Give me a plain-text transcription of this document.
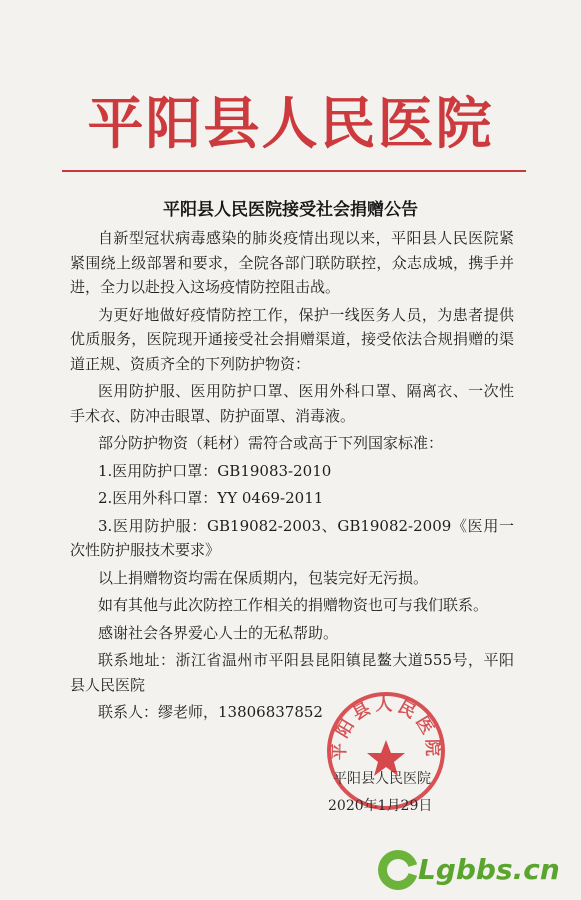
平阳县人民医院
平阳县人民医院接受社会捐赠公告

自新型冠状病毒感染的肺炎疫情出现以来，平阳县人民医院紧紧围绕上级部署和要求，全院各部门联防联控，众志成城，携手并进，全力以赴投入这场疫情防控阻击战。

为更好地做好疫情防控工作，保护一线医务人员，为患者提供优质服务，医院现开通接受社会捐赠渠道，接受依法合规捐赠的渠道正规、资质齐全的下列防护物资：

医用防护服、医用防护口罩、医用外科口罩、隔离衣、一次性手术衣、防冲击眼罩、防护面罩、消毒液。

部分防护物资（耗材）需符合或高于下列国家标准：

1.医用防护口罩：GB19083-2010

2.医用外科口罩：YY 0469-2011

3.医用防护服：GB19082-2003、GB19082-2009《医用一次性防护服技术要求》

以上捐赠物资均需在保质期内，包装完好无污损。

如有其他与此次防控工作相关的捐赠物资也可与我们联系。

感谢社会各界爱心人士的无私帮助。

联系地址：浙江省温州市平阳县昆阳镇昆鳌大道555号，平阳县人民医院

联系人：缪老师，13806837852

平阳县人民医院
平阳县人民医院
2020年1月29日
Lgbbs.cn
